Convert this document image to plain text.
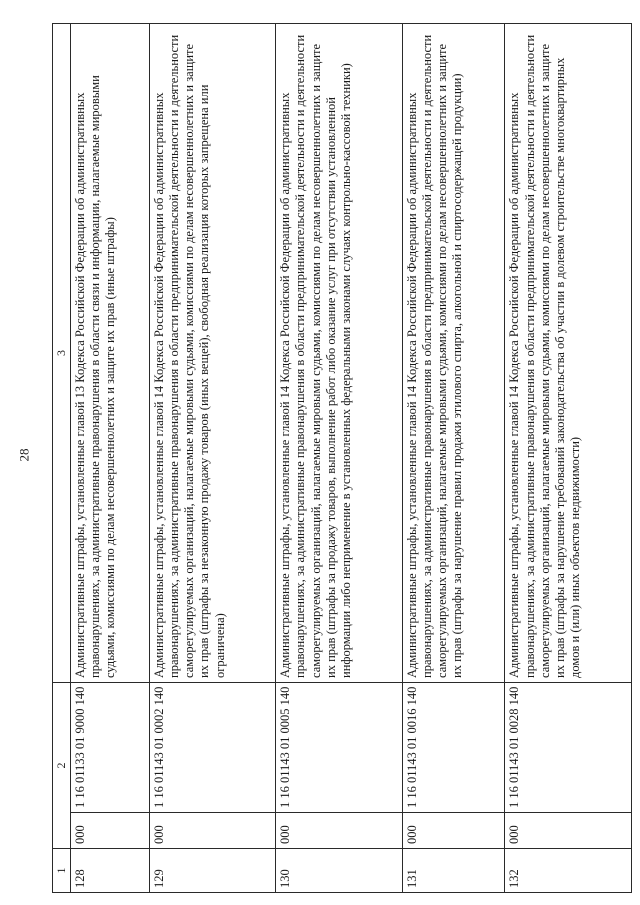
28
1	2		3
128	000	1 16 01133 01 9000 140	Административные штрафы, установленные главой 13 Кодекса Российской Федерации об административных правонарушениях, за административные правонарушения в области связи и информации, налагаемые мировыми судьями, комиссиями по делам несовершеннолетних и защите их прав (иные штрафы)
129	000	1 16 01143 01 0002 140	Административные штрафы, установленные главой 14 Кодекса Российской Федерации об административных правонарушениях, за административные правонарушения в области предпринимательской деятельности и деятельности саморегулируемых организаций, налагаемые мировыми судьями, комиссиями по делам несовершеннолетних и защите их прав (штрафы за незаконную продажу товаров (иных вещей), свободная реализация которых запрещена или ограничена)
130	000	1 16 01143 01 0005 140	Административные штрафы, установленные главой 14 Кодекса Российской Федерации об административных правонарушениях, за административные правонарушения в области предпринимательской деятельности и деятельности саморегулируемых организаций, налагаемые мировыми судьями, комиссиями по делам несовершеннолетних и защите их прав (штрафы за продажу товаров, выполнение работ либо оказание услуг при отсутствии установленной информации либо неприменение в установленных федеральными законами случаях контрольно-кассовой техники)
131	000	1 16 01143 01 0016 140	Административные штрафы, установленные главой 14 Кодекса Российской Федерации об административных правонарушениях, за административные правонарушения в области предпринимательской деятельности и деятельности саморегулируемых организаций, налагаемые мировыми судьями, комиссиями по делам несовершеннолетних и защите их прав (штрафы за нарушение правил продажи этилового спирта, алкогольной и спиртосодержащей продукции)
132	000	1 16 01143 01 0028 140	Административные штрафы, установленные главой 14 Кодекса Российской Федерации об административных правонарушениях, за административные правонарушения в области предпринимательской деятельности и деятельности саморегулируемых организаций, налагаемые мировыми судьями, комиссиями по делам несовершеннолетних и защите их прав (штрафы за нарушение требований законодательства об участии в долевом строительстве многоквартирных домов и (или) иных объектов недвижимости)
